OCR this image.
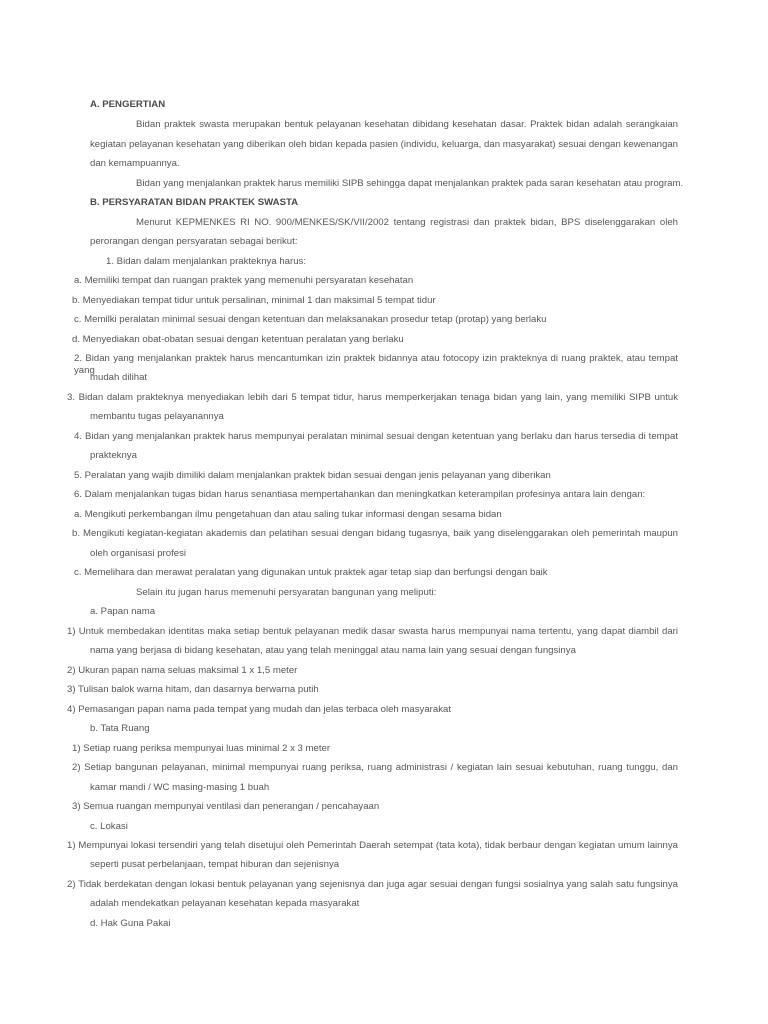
A. PENGERTIAN
Bidan praktek swasta merupakan bentuk pelayanan kesehatan dibidang kesehatan dasar. Praktek bidan adalah serangkaian
kegiatan pelayanan kesehatan yang diberikan oleh bidan kepada pasien (individu, keluarga, dan masyarakat) sesuai dengan kewenangan
dan kemampuannya.
Bidan yang menjalankan praktek harus memiliki SIPB sehingga dapat menjalankan praktek pada saran kesehatan atau program.
B. PERSYARATAN BIDAN PRAKTEK SWASTA
Menurut KEPMENKES RI NO. 900/MENKES/SK/VII/2002 tentang registrasi dan praktek bidan, BPS diselenggarakan oleh
perorangan dengan persyaratan sebagai berikut:
1. Bidan dalam menjalankan prakteknya harus:
a. Memiliki tempat dan ruangan praktek yang memenuhi persyaratan kesehatan
b. Menyediakan tempat tidur untuk persalinan, minimal 1 dan maksimal 5 tempat tidur
c. Memilki peralatan minimal sesuai dengan ketentuan dan melaksanakan prosedur tetap (protap) yang berlaku
d. Menyediakan obat-obatan sesuai dengan ketentuan peralatan yang berlaku
2. Bidan yang menjalankan praktek harus mencantumkan izin praktek bidannya atau fotocopy izin prakteknya di ruang praktek, atau tempat yang
mudah dilihat
3. Bidan dalam prakteknya menyediakan lebih dari 5 tempat tidur, harus memperkerjakan tenaga bidan yang lain, yang memiliki SIPB untuk
membantu tugas pelayanannya
4. Bidan yang menjalankan praktek harus mempunyai peralatan minimal sesuai dengan ketentuan yang berlaku dan harus tersedia di tempat
prakteknya
5. Peralatan yang wajib dimiliki dalam menjalankan praktek bidan sesuai dengan jenis pelayanan yang diberikan
6. Dalam menjalankan tugas bidan harus senantiasa mempertahankan dan meningkatkan keterampilan profesinya antara lain dengan:
a. Mengikuti perkembangan ilmu pengetahuan dan atau saling tukar informasi dengan sesama bidan
b. Mengikuti kegiatan-kegiatan akademis dan pelatihan sesuai dengan bidang tugasnya, baik yang diselenggarakan oleh pemerintah maupun
oleh organisasi profesi
c. Memelihara dan merawat peralatan yang digunakan untuk praktek agar tetap siap dan berfungsi dengan baik
Selain itu jugan harus memenuhi persyaratan bangunan yang meliputi:
a. Papan nama
1) Untuk membedakan identitas maka setiap bentuk pelayanan medik dasar swasta harus mempunyai nama tertentu, yang dapat diambil dari
nama yang berjasa di bidang kesehatan, atau yang telah meninggal atau nama lain yang sesuai dengan fungsinya
2) Ukuran papan nama seluas maksimal 1 x 1,5 meter
3) Tulisan balok warna hitam, dan dasarnya berwarna putih
4) Pemasangan papan nama pada tempat yang mudah dan jelas terbaca oleh masyarakat
b. Tata Ruang
1) Setiap ruang periksa mempunyai luas minimal 2 x 3 meter
2) Setiap bangunan pelayanan, minimal mempunyai ruang periksa, ruang administrasi / kegiatan lain sesuai kebutuhan, ruang tunggu, dan
kamar mandi / WC masing-masing 1 buah
3) Semua ruangan mempunyai ventilasi dan penerangan / pencahayaan
c. Lokasi
1) Mempunyai lokasi tersendiri yang telah disetujui oleh Pemerintah Daerah setempat (tata kota), tidak berbaur dengan kegiatan umum lainnya
seperti pusat perbelanjaan, tempat hiburan dan sejenisnya
2) Tidak berdekatan dengan lokasi bentuk pelayanan yang sejenisnya dan juga agar sesuai dengan fungsi sosialnya yang salah satu fungsinya
adalah mendekatkan pelayanan kesehatan kepada masyarakat
d. Hak Guna Pakai
